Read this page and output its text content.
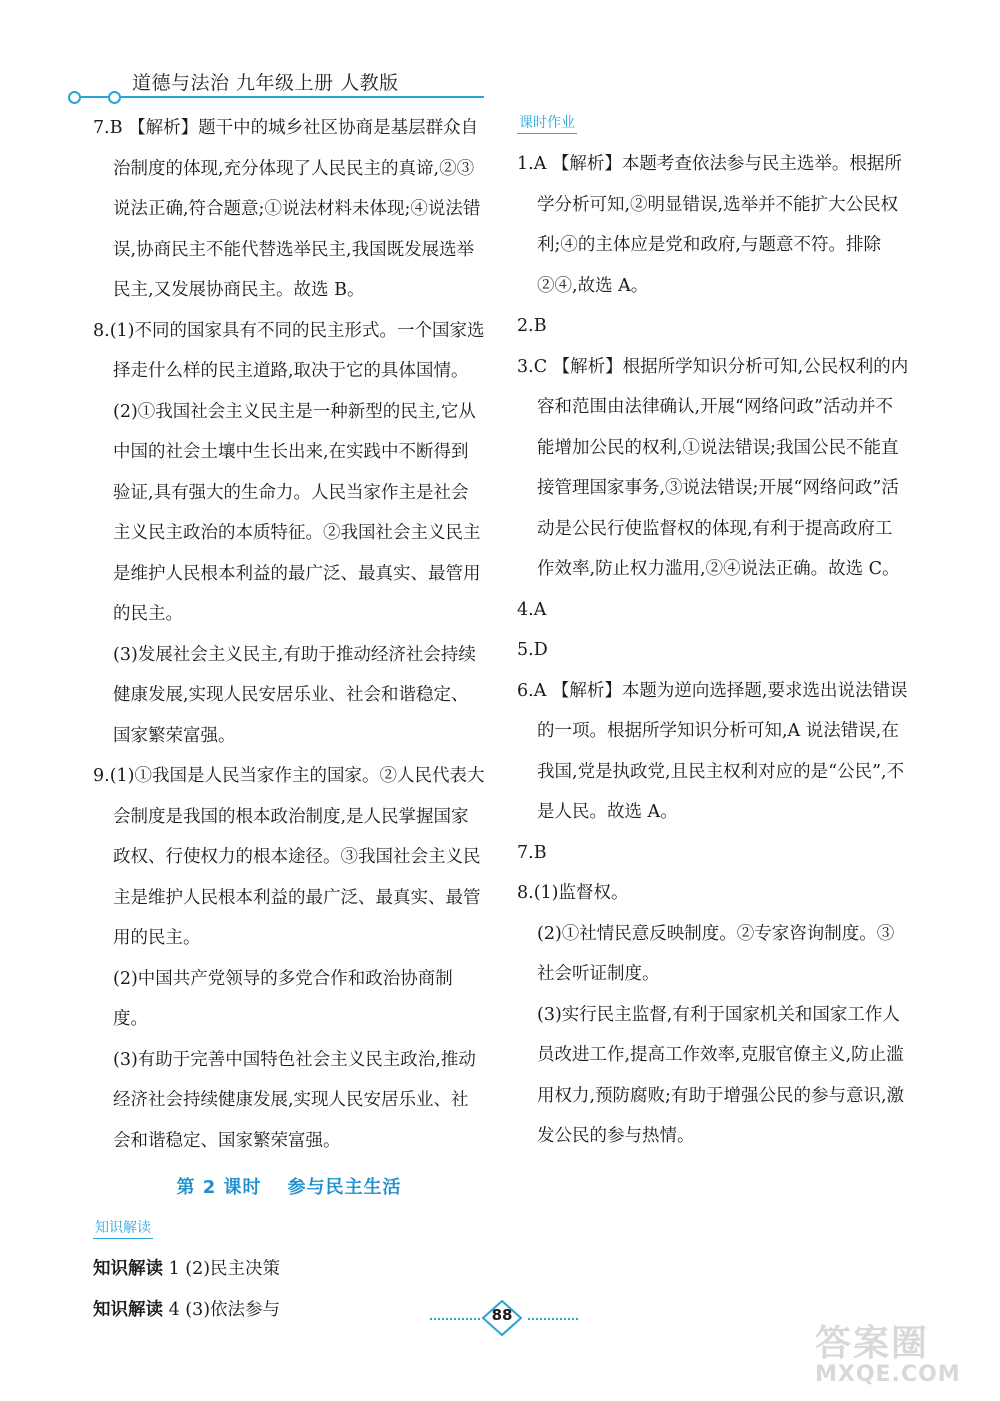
道德与法治 九年级上册 人教版

7.B 【解析】题干中的城乡社区协商是基层群众自治制度的体现,充分体现了人民民主的真谛,②③说法正确,符合题意;①说法材料未体现;④说法错误,协商民主不能代替选举民主,我国既发展选举民主,又发展协商民主。故选 B。

8.(1)不同的国家具有不同的民主形式。一个国家选择走什么样的民主道路,取决于它的具体国情。

(2)①我国社会主义民主是一种新型的民主,它从中国的社会土壤中生长出来,在实践中不断得到验证,具有强大的生命力。人民当家作主是社会主义民主政治的本质特征。②我国社会主义民主是维护人民根本利益的最广泛、最真实、最管用的民主。

(3)发展社会主义民主,有助于推动经济社会持续健康发展,实现人民安居乐业、社会和谐稳定、国家繁荣富强。

9.(1)①我国是人民当家作主的国家。②人民代表大会制度是我国的根本政治制度,是人民掌握国家政权、行使权力的根本途径。③我国社会主义民主是维护人民根本利益的最广泛、最真实、最管用的民主。

(2)中国共产党领导的多党合作和政治协商制度。

(3)有助于完善中国特色社会主义民主政治,推动经济社会持续健康发展,实现人民安居乐业、社会和谐稳定、国家繁荣富强。

第 2 课时 参与民主生活
知识解读

知识解读 1 (2)民主决策

知识解读 4 (3)依法参与

课时作业

1.A 【解析】本题考查依法参与民主选举。根据所学分析可知,②明显错误,选举并不能扩大公民权利;④的主体应是党和政府,与题意不符。排除②④,故选 A。

2.B

3.C 【解析】根据所学知识分析可知,公民权利的内容和范围由法律确认,开展“网络问政”活动并不能增加公民的权利,①说法错误;我国公民不能直接管理国家事务,③说法错误;开展“网络问政”活动是公民行使监督权的体现,有利于提高政府工作效率,防止权力滥用,②④说法正确。故选 C。

4.A

5.D

6.A 【解析】本题为逆向选择题,要求选出说法错误的一项。根据所学知识分析可知,A 说法错误,在我国,党是执政党,且民主权利对应的是“公民”,不是人民。故选 A。

7.B

8.(1)监督权。

(2)①社情民意反映制度。②专家咨询制度。③社会听证制度。

(3)实行民主监督,有利于国家机关和国家工作人员改进工作,提高工作效率,克服官僚主义,防止滥用权力,预防腐败;有助于增强公民的参与意识,激发公民的参与热情。

88
答案圈
MXQE.COM
